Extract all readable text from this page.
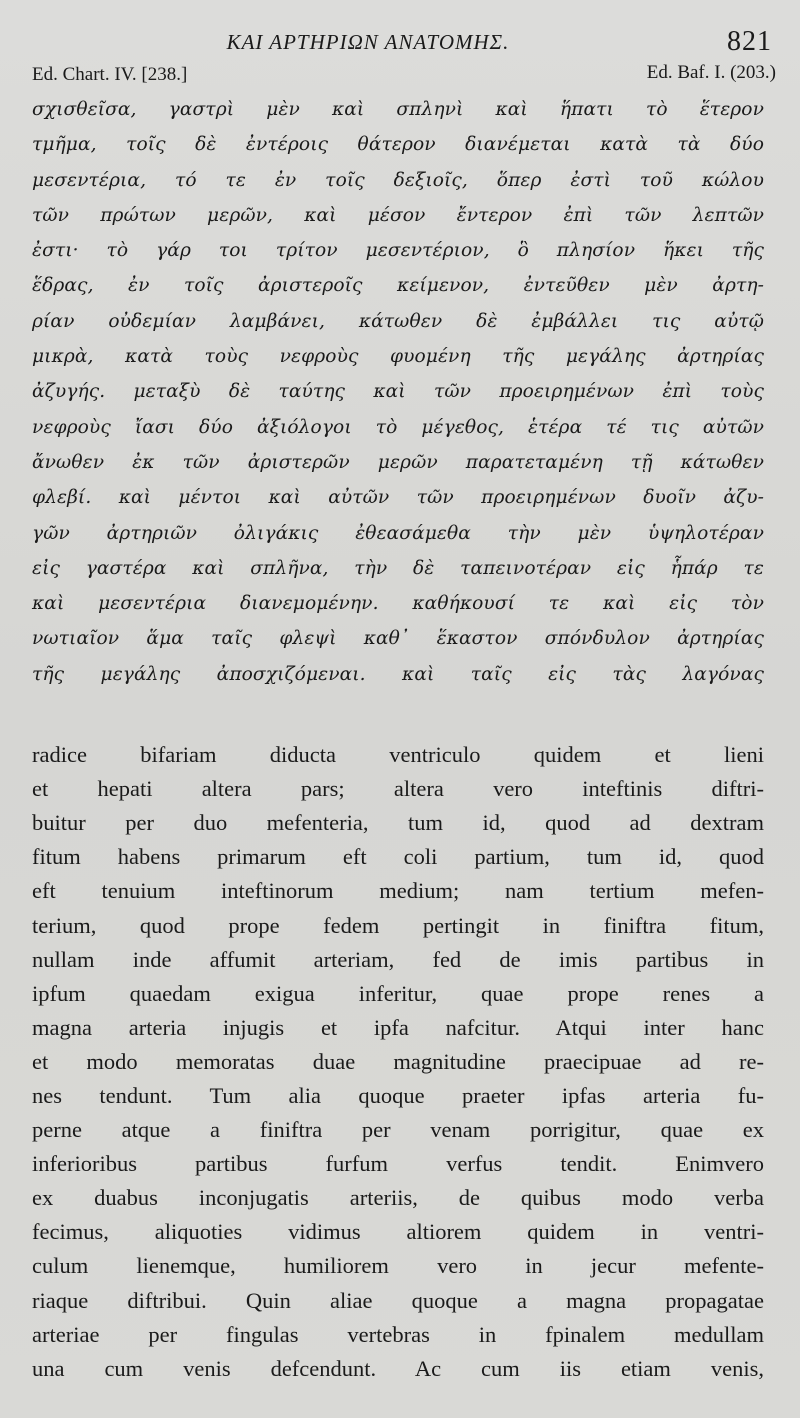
ΚΑΙ ΑΡΤΗΡΙΩΝ ΑΝΑΤΟΜΗΣ.	821
Ed. Chart. IV. [238.]	Ed. Baf. I. (203.)
σχισθεῖσα, γαστρὶ μὲν καὶ σπληνὶ καὶ ἥπατι τὸ ἕτερον
τμῆμα, τοῖς δὲ ἐντέροις θάτερον διανέμεται κατὰ τὰ δύο
μεσεντέρια, τό τε ἐν τοῖς δεξιοῖς, ὅπερ ἐστὶ τοῦ κώλου
τῶν πρώτων μερῶν, καὶ μέσον ἔντερον ἐπὶ τῶν λεπτῶν
ἐστι· τὸ γάρ τοι τρίτον μεσεντέριον, ὃ πλησίον ἥκει τῆς
ἕδρας, ἐν τοῖς ἀριστεροῖς κείμενον, ἐντεῦθεν μὲν ἀρτη-
ρίαν οὐδεμίαν λαμβάνει, κάτωθεν δὲ ἐμβάλλει τις αὐτῷ
μικρὰ, κατὰ τοὺς νεφροὺς φυομένη τῆς μεγάλης ἀρτηρίας
ἀζυγής. μεταξὺ δὲ ταύτης καὶ τῶν προειρημένων ἐπὶ τοὺς
νεφροὺς ἴασι δύο ἀξιόλογοι τὸ μέγεθος, ἑτέρα τέ τις αὐτῶν
ἄνωθεν ἐκ τῶν ἀριστερῶν μερῶν παρατεταμένη τῇ κάτωθεν
φλεβί. καὶ μέντοι καὶ αὐτῶν τῶν προειρημένων δυοῖν ἀζυ-
γῶν ἀρτηριῶν ὀλιγάκις ἐθεασάμεθα τὴν μὲν ὑψηλοτέραν
εἰς γαστέρα καὶ σπλῆνα, τὴν δὲ ταπεινοτέραν εἰς ἧπάρ τε
καὶ μεσεντέρια διανεμομένην. καθήκουσί τε καὶ εἰς τὸν
νωτιαῖον ἅμα ταῖς φλεψὶ καθ᾽ ἕκαστον σπόνδυλον ἀρτηρίας
τῆς μεγάλης ἀποσχιζόμεναι. καὶ ταῖς εἰς τὰς λαγόνας
radice bifariam diducta ventriculo quidem et lieni
et hepati altera pars; altera vero inteftinis diftri-
buitur per duo mefenteria, tum id, quod ad dextram
fitum habens primarum eft coli partium, tum id, quod
eft tenuium inteftinorum medium; nam tertium mefen-
terium, quod prope fedem pertingit in finiftra fitum,
nullam inde affumit arteriam, fed de imis partibus in
ipfum quaedam exigua inferitur, quae prope renes a
magna arteria injugis et ipfa nafcitur. Atqui inter hanc
et modo memoratas duae magnitudine praecipuae ad re-
nes tendunt. Tum alia quoque praeter ipfas arteria fu-
perne atque a finiftra per venam porrigitur, quae ex
inferioribus partibus furfum verfus tendit. Enimvero
ex duabus inconjugatis arteriis, de quibus modo verba
fecimus, aliquoties vidimus altiorem quidem in ventri-
culum lienemque, humiliorem vero in jecur mefente-
riaque diftribui. Quin aliae quoque a magna propagatae
arteriae per fingulas vertebras in fpinalem medullam
una cum venis defcendunt. Ac cum iis etiam venis,
